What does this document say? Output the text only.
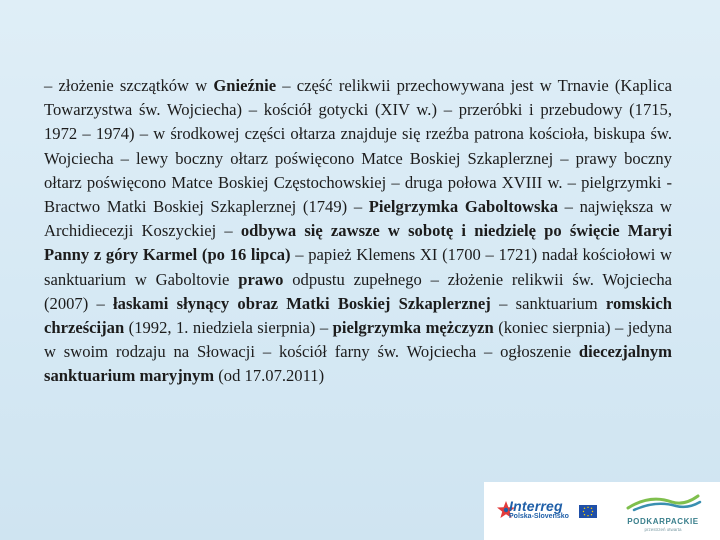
– złożenie szczątków w Gnieźnie – część relikwii przechowywana jest w Trnavie (Kaplica Towarzystwa św. Wojciecha) – kościół gotycki (XIV w.) – przeróbki i przebudowy (1715, 1972 – 1974) – w środkowej części ołtarza znajduje się rzeźba patrona kościoła, biskupa św. Wojciecha – lewy boczny ołtarz poświęcono Matce Boskiej Szkaplerznej – prawy boczny ołtarz poświęcono Matce Boskiej Częstochowskiej – druga połowa XVIII w. – pielgrzymki - Bractwo Matki Boskiej Szkaplerznej (1749) – Pielgrzymka Gaboltowska – największa w Archidiecezji Koszyckiej – odbywa się zawsze w sobotę i niedzielę po święcie Maryi Panny z góry Karmel (po 16 lipca) – papież Klemens XI (1700 – 1721) nadał kościołowi w sanktuarium w Gaboltovie prawo odpustu zupełnego – złożenie relikwii św. Wojciecha (2007) – łaskami słynący obraz Matki Boskiej Szkaplerznej – sanktuarium romskich chrześcijan (1992, 1. niedziela sierpnia) – pielgrzymka mężczyzn (koniec sierpnia) – jedyna w swoim rodzaju na Słowacji – kościół farny św. Wojciecha – ogłoszenie diecezjalnym sanktuarium maryjnym (od 17.07.2011)
Interreg
Polska-Slovensko
PODKARPACKIE
przestrzeń otwarta
